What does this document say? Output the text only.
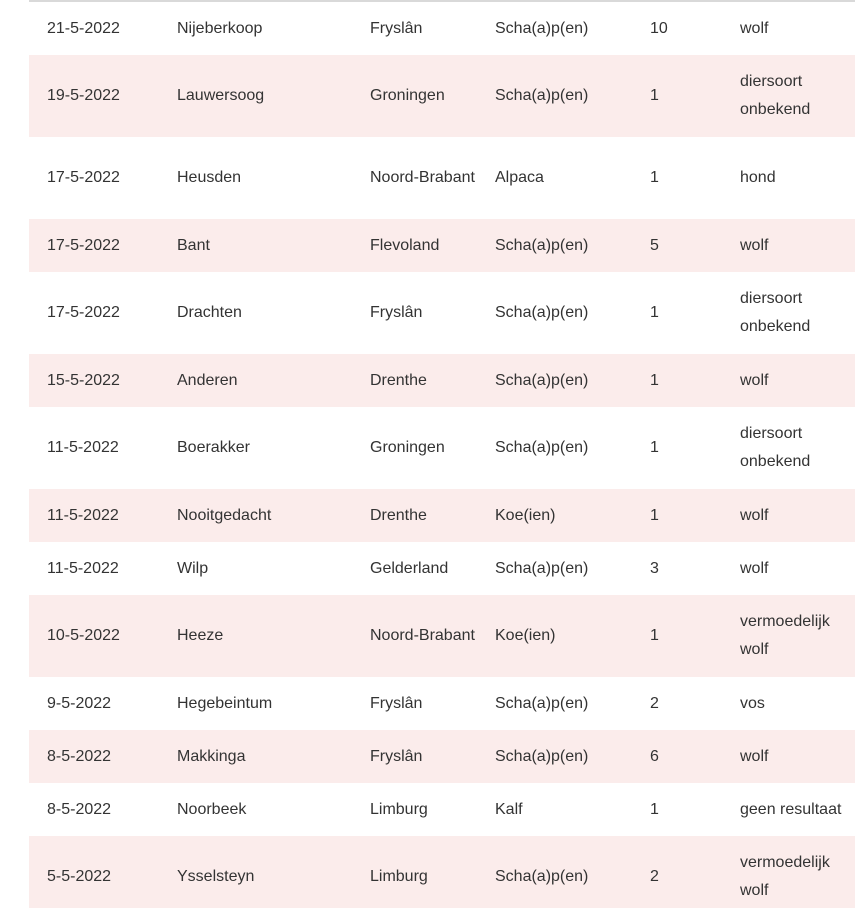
21-5-2022	Nijeberkoop	Fryslân	Scha(a)p(en)	10	wolf
19-5-2022	Lauwersoog	Groningen	Scha(a)p(en)	1	diersoort onbekend
17-5-2022	Heusden	Noord-Brabant	Alpaca	1	hond
17-5-2022	Bant	Flevoland	Scha(a)p(en)	5	wolf
17-5-2022	Drachten	Fryslân	Scha(a)p(en)	1	diersoort onbekend
15-5-2022	Anderen	Drenthe	Scha(a)p(en)	1	wolf
11-5-2022	Boerakker	Groningen	Scha(a)p(en)	1	diersoort onbekend
11-5-2022	Nooitgedacht	Drenthe	Koe(ien)	1	wolf
11-5-2022	Wilp	Gelderland	Scha(a)p(en)	3	wolf
10-5-2022	Heeze	Noord-Brabant	Koe(ien)	1	vermoedelijk wolf
9-5-2022	Hegebeintum	Fryslân	Scha(a)p(en)	2	vos
8-5-2022	Makkinga	Fryslân	Scha(a)p(en)	6	wolf
8-5-2022	Noorbeek	Limburg	Kalf	1	geen resultaat
5-5-2022	Ysselsteyn	Limburg	Scha(a)p(en)	2	vermoedelijk wolf
